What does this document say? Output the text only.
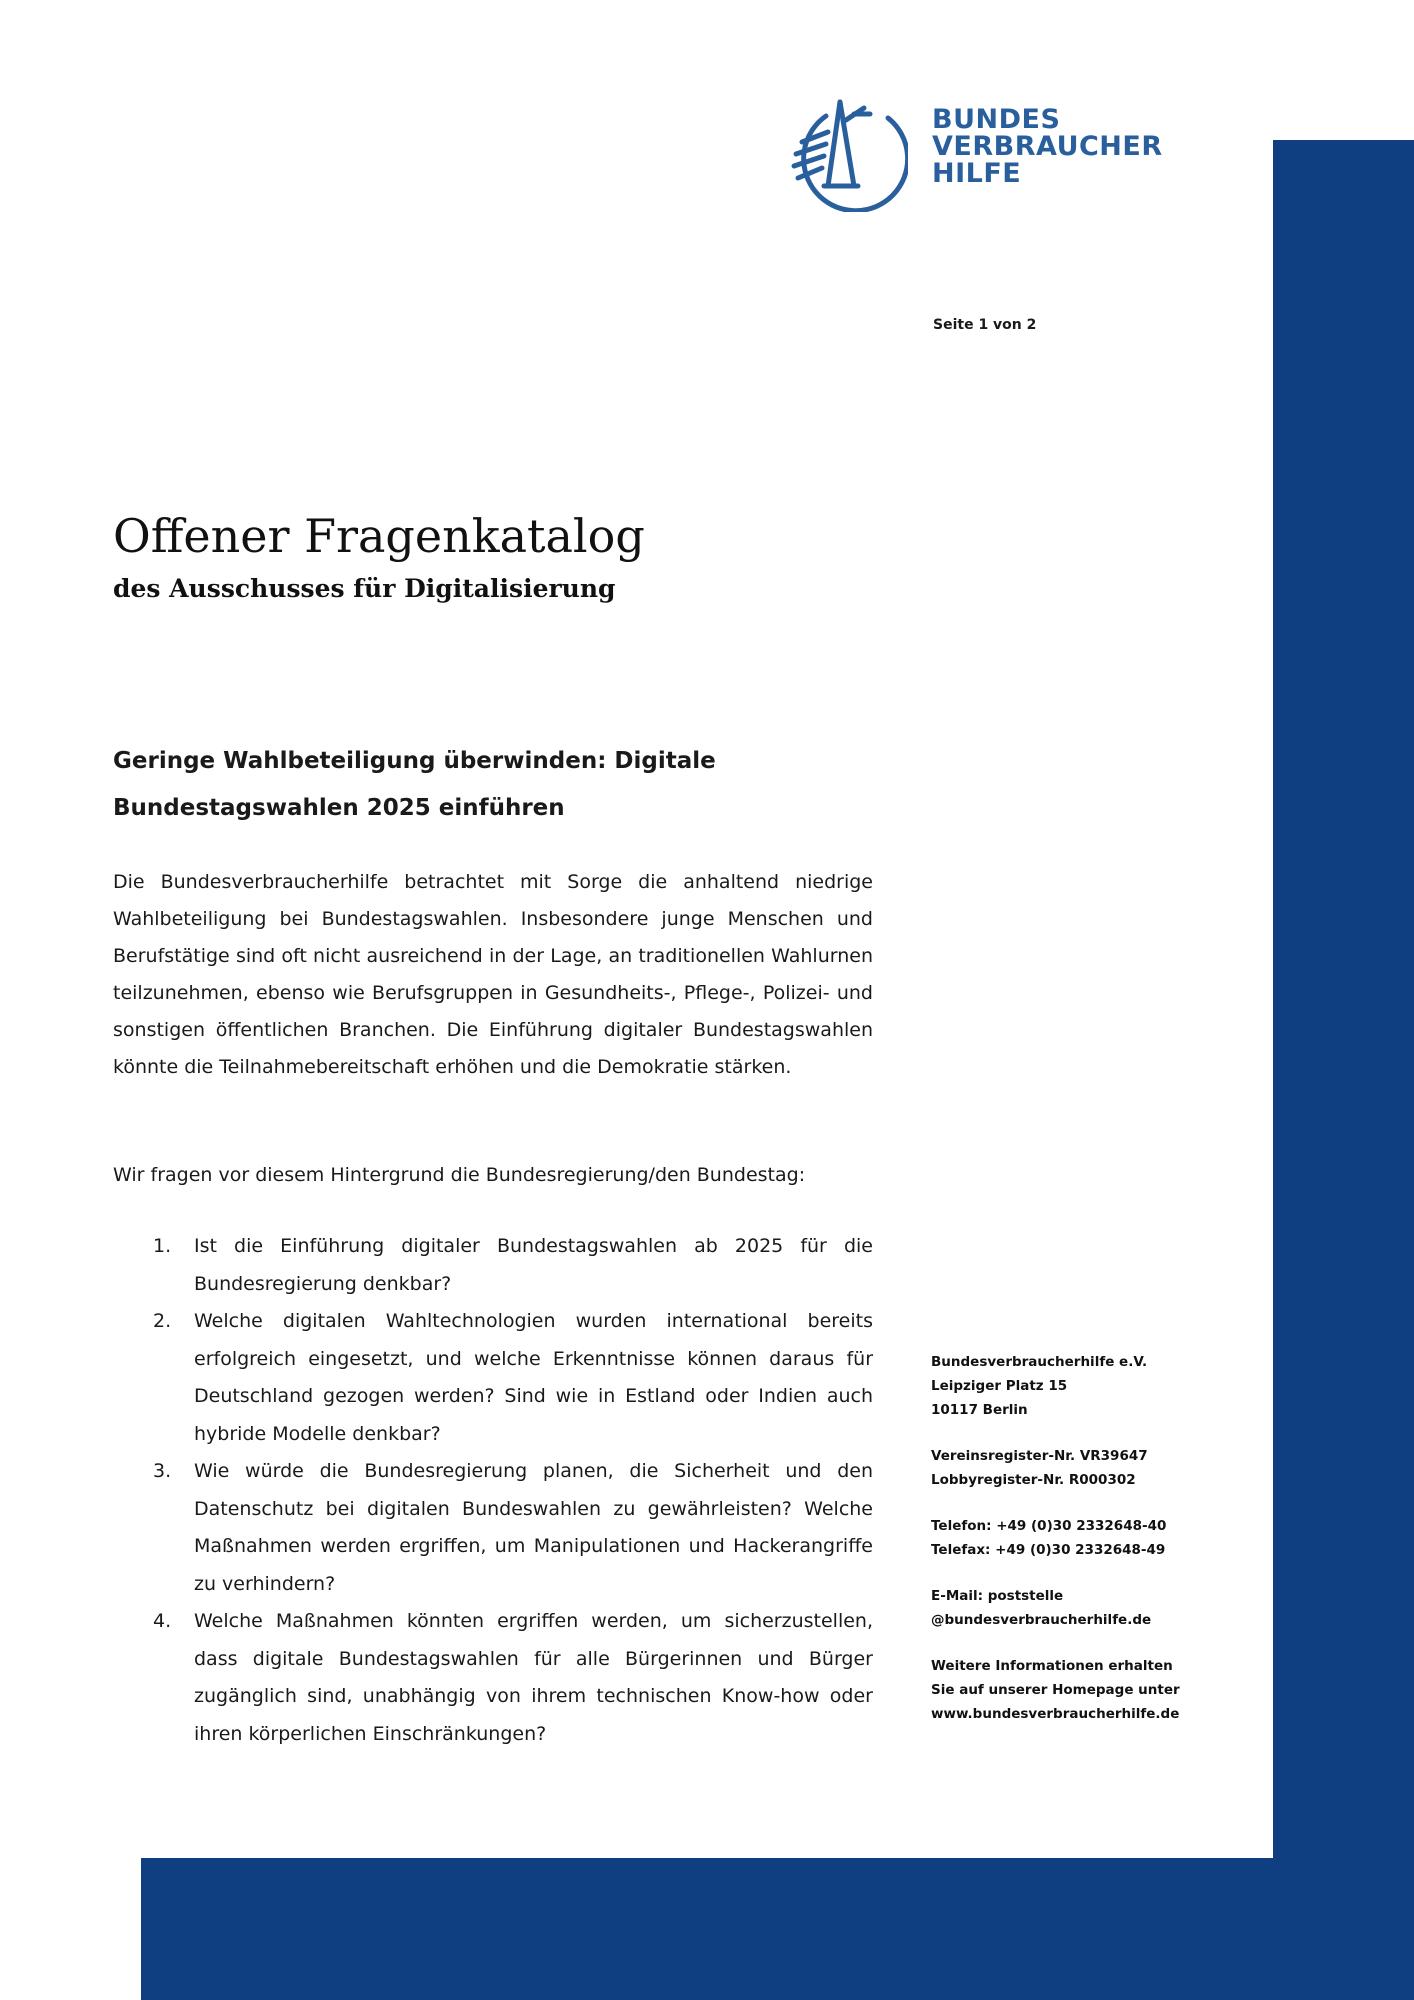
BUNDES
VERBRAUCHER
HILFE
Seite 1 von 2
Offener Fragenkatalog
des Ausschusses für Digitalisierung
Geringe Wahlbeteiligung überwinden: Digitale Bundestagswahlen 2025 einführen

Die Bundesverbraucherhilfe betrachtet mit Sorge die anhaltend niedrige Wahlbeteiligung bei Bundestagswahlen. Insbesondere junge Menschen und Berufstätige sind oft nicht ausreichend in der Lage, an traditionellen Wahlurnen teilzunehmen, ebenso wie Berufsgruppen in Gesundheits-, Pflege-, Polizei- und sonstigen öffentlichen Branchen. Die Einführung digitaler Bundestagswahlen könnte die Teilnahmebereitschaft erhöhen und die Demokratie stärken.

Wir fragen vor diesem Hintergrund die Bundesregierung/den Bundestag:

1. Ist die Einführung digitaler Bundestagswahlen ab 2025 für die Bundesregierung denkbar?
2. Welche digitalen Wahltechnologien wurden international bereits erfolgreich eingesetzt, und welche Erkenntnisse können daraus für Deutschland gezogen werden? Sind wie in Estland oder Indien auch hybride Modelle denkbar?
3. Wie würde die Bundesregierung planen, die Sicherheit und den Datenschutz bei digitalen Bundeswahlen zu gewährleisten? Welche Maßnahmen werden ergriffen, um Manipulationen und Hackerangriffe zu verhindern?
4. Welche Maßnahmen könnten ergriffen werden, um sicherzustellen, dass digitale Bundestagswahlen für alle Bürgerinnen und Bürger zugänglich sind, unabhängig von ihrem technischen Know-how oder ihren körperlichen Einschränkungen?
Bundesverbraucherhilfe e.V.
Leipziger Platz 15
10117 Berlin
Vereinsregister-Nr. VR39647
Lobbyregister-Nr. R000302
Telefon: +49 (0)30 2332648-40
Telefax: +49 (0)30 2332648-49
E-Mail: poststelle
@bundesverbraucherhilfe.de
Weitere Informationen erhalten
Sie auf unserer Homepage unter
www.bundesverbraucherhilfe.de
